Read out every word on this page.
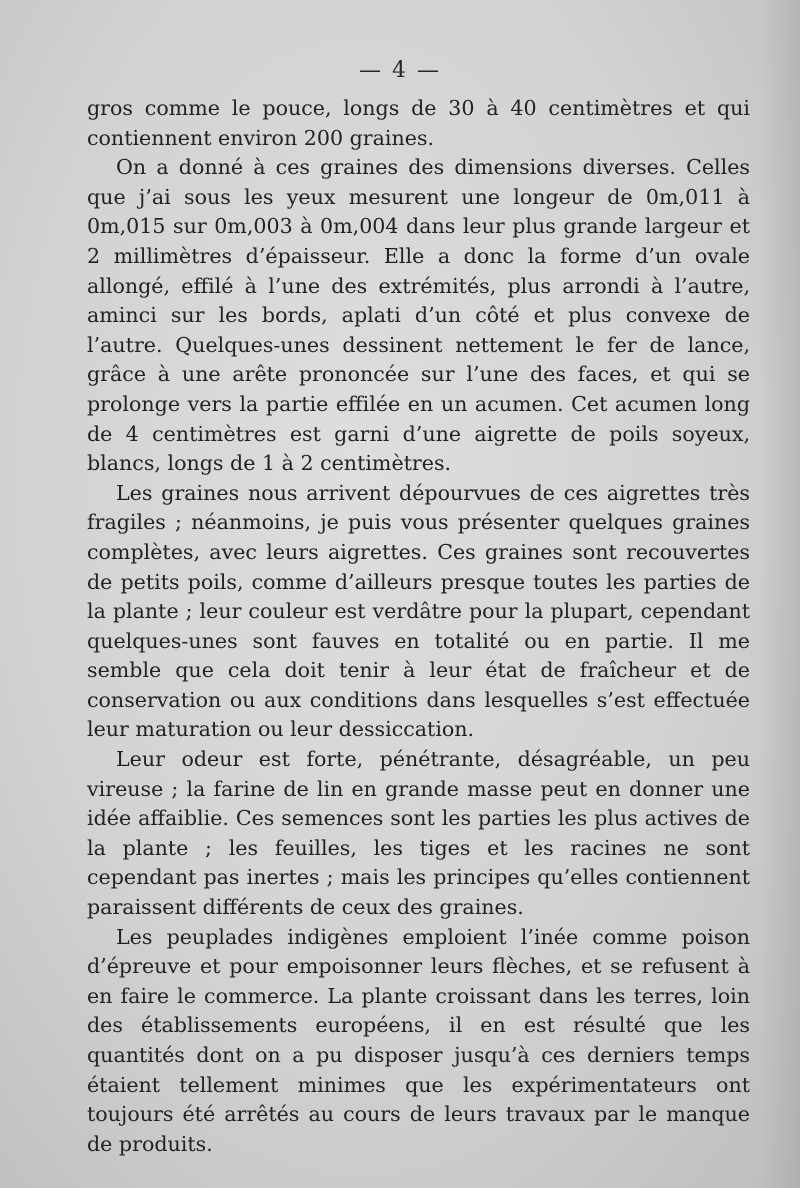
— 4 —

gros comme le pouce, longs de 30 à 40 centimètres et qui contiennent environ 200 graines.

On a donné à ces graines des dimensions diverses. Celles que j’ai sous les yeux mesurent une longeur de 0m,011 à 0m,015 sur 0m,003 à 0m,004 dans leur plus grande largeur et 2 millimètres d’épaisseur. Elle a donc la forme d’un ovale allongé, effilé à l’une des extrémités, plus arrondi à l’autre, aminci sur les bords, aplati d’un côté et plus convexe de l’autre. Quelques-unes dessinent nettement le fer de lance, grâce à une arête prononcée sur l’une des faces, et qui se prolonge vers la partie effilée en un acumen. Cet acumen long de 4 centimètres est garni d’une aigrette de poils soyeux, blancs, longs de 1 à 2 centimètres.

Les graines nous arrivent dépourvues de ces aigrettes très fragiles ; néanmoins, je puis vous présenter quelques graines complètes, avec leurs aigrettes. Ces graines sont recouvertes de petits poils, comme d’ailleurs presque toutes les parties de la plante ; leur couleur est verdâtre pour la plupart, cependant quelques-unes sont fauves en totalité ou en partie. Il me semble que cela doit tenir à leur état de fraîcheur et de conservation ou aux conditions dans lesquelles s’est effectuée leur maturation ou leur dessiccation.

Leur odeur est forte, pénétrante, désagréable, un peu vireuse ; la farine de lin en grande masse peut en donner une idée affaiblie. Ces semences sont les parties les plus actives de la plante ; les feuilles, les tiges et les racines ne sont cependant pas inertes ; mais les principes qu’elles contiennent paraissent différents de ceux des graines.

Les peuplades indigènes emploient l’inée comme poison d’épreuve et pour empoisonner leurs flèches, et se refusent à en faire le commerce. La plante croissant dans les terres, loin des établissements européens, il en est résulté que les quantités dont on a pu disposer jusqu’à ces derniers temps étaient tellement minimes que les expérimentateurs ont toujours été arrêtés au cours de leurs travaux par le manque de produits.
